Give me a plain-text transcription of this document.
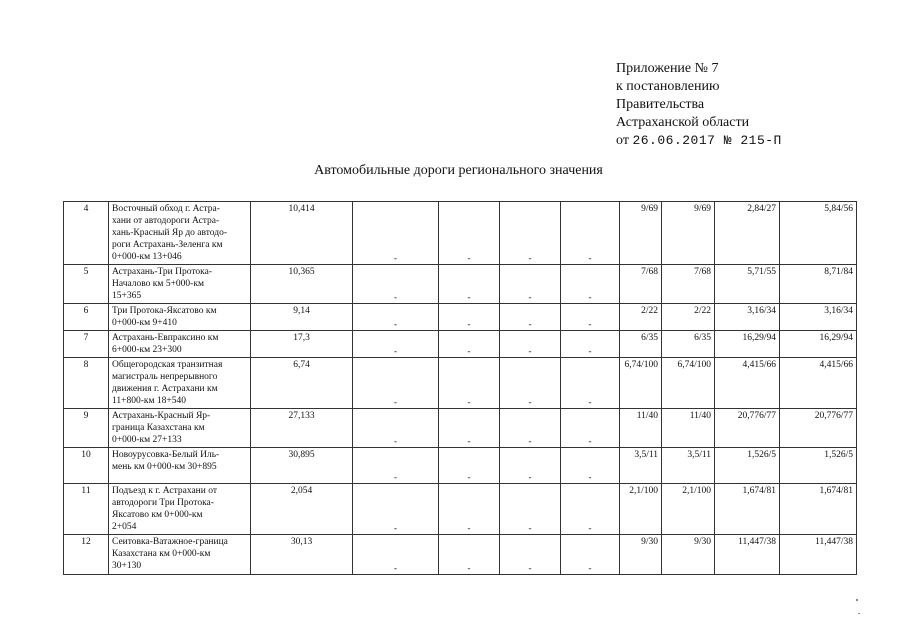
Приложение № 7
к постановлению
Правительства
Астраханской области
от 26.06.2017 № 215-П
Автомобильные дороги регионального значения
4	Восточный обход г. Астра-
хани от автодороги Астра-
хань-Красный Яр до автодо-
роги Астрахань-Зеленга км
0+000-км 13+046	10,414	-	-	-	-	9/69	9/69	2,84/27	5,84/56
5	Астрахань-Три Протока-
Началово км 5+000-км
15+365	10,365	-	-	-	-	7/68	7/68	5,71/55	8,71/84
6	Три Протока-Яксатово км
0+000-км 9+410	9,14	-	-	-	-	2/22	2/22	3,16/34	3,16/34
7	Астрахань-Евпраксино км
6+000-км 23+300	17,3	-	-	-	-	6/35	6/35	16,29/94	16,29/94
8	Общегородская транзитная
магистраль непрерывного
движения г. Астрахани км
11+800-км 18+540	6,74	-	-	-	-	6,74/100	6,74/100	4,415/66	4,415/66
9	Астрахань-Красный Яр-
граница Казахстана км
0+000-км 27+133	27,133	-	-	-	-	11/40	11/40	20,776/77	20,776/77
10	Новоурусовка-Белый Иль-
мень км 0+000-км 30+895	30,895	-	-	-	-	3,5/11	3,5/11	1,526/5	1,526/5
11	Подъезд к г. Астрахани от
автодороги Три Протока-
Яксатово км 0+000-км
2+054	2,054	-	-	-	-	2,1/100	2,1/100	1,674/81	1,674/81
12	Сеитовка-Ватажное-граница
Казахстана км 0+000-км
30+130	30,13	-	-	-	-	9/30	9/30	11,447/38	11,447/38
